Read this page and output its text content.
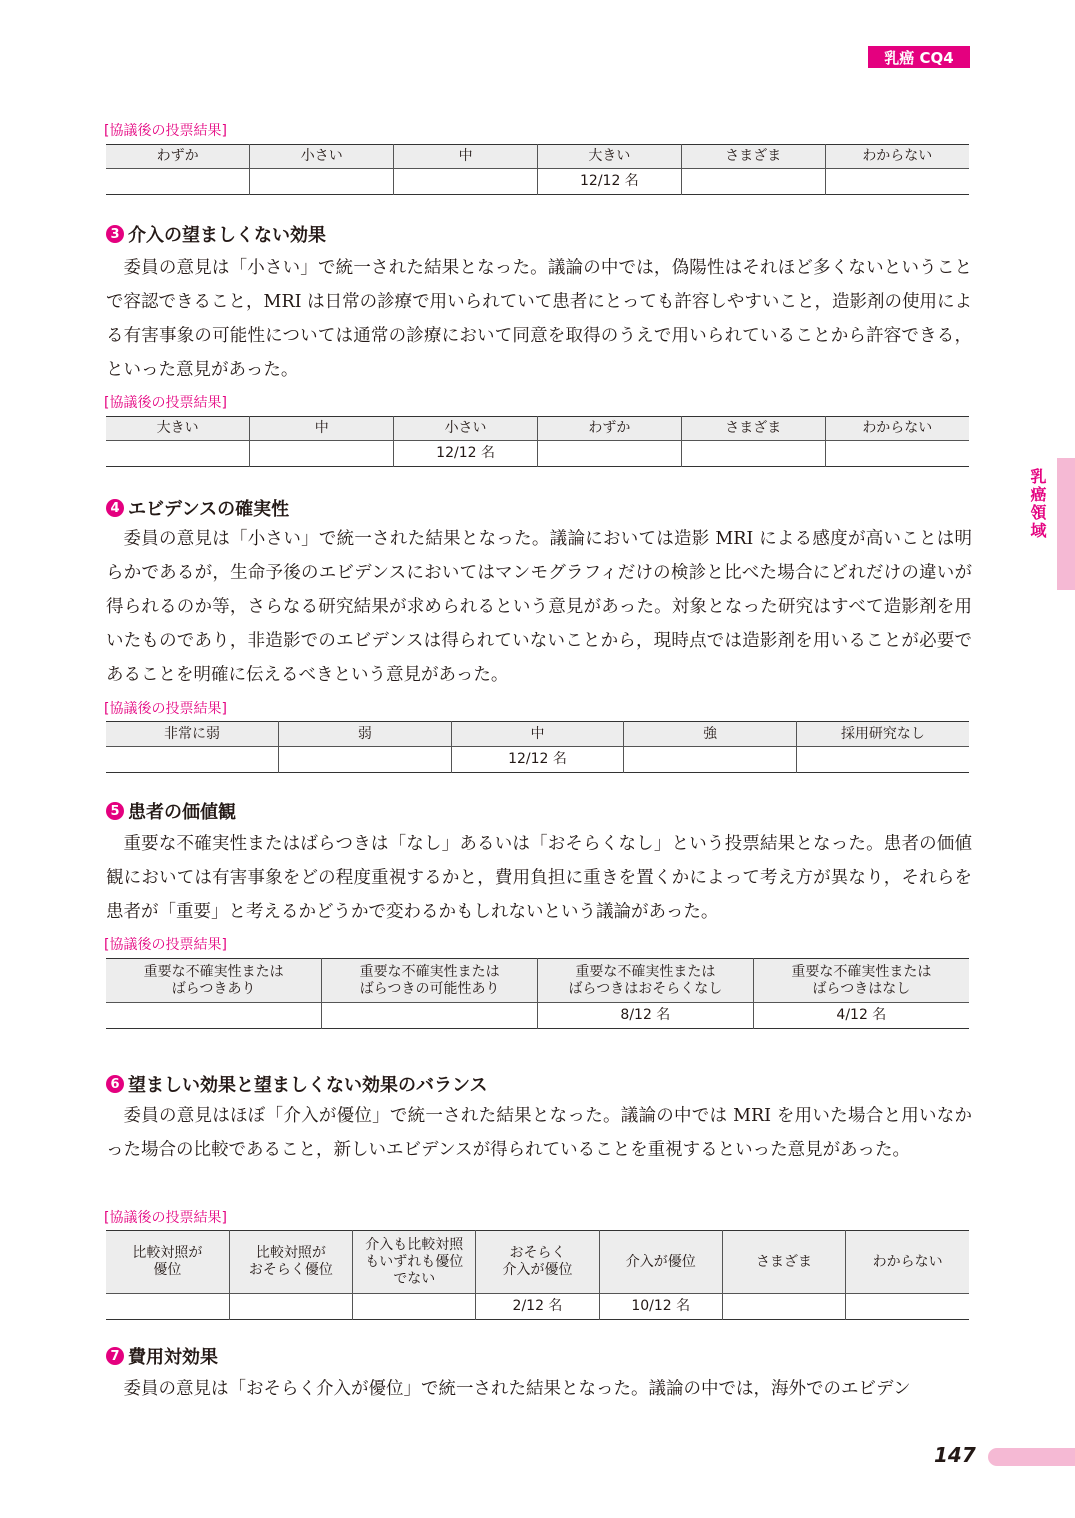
乳癌 CQ4
乳癌領域
[協議後の投票結果]
わずか	小さい	中	大きい	さまざま	わからない
			12/12 名		
3 介入の望ましくない効果

委員の意見は「小さい」で統一された結果となった。議論の中では，偽陽性はそれほど多くないということで容認できること，MRI は日常の診療で用いられていて患者にとっても許容しやすいこと，造影剤の使用による有害事象の可能性については通常の診療において同意を取得のうえで用いられていることから許容できる，といった意見があった。

[協議後の投票結果]
大きい	中	小さい	わずか	さまざま	わからない
		12/12 名			
4 エビデンスの確実性

委員の意見は「小さい」で統一された結果となった。議論においては造影 MRI による感度が高いことは明らかであるが，生命予後のエビデンスにおいてはマンモグラフィだけの検診と比べた場合にどれだけの違いが得られるのか等，さらなる研究結果が求められるという意見があった。対象となった研究はすべて造影剤を用いたものであり，非造影でのエビデンスは得られていないことから，現時点では造影剤を用いることが必要であることを明確に伝えるべきという意見があった。

[協議後の投票結果]
非常に弱	弱	中	強	採用研究なし
		12/12 名		
5 患者の価値観

重要な不確実性またはばらつきは「なし」あるいは「おそらくなし」という投票結果となった。患者の価値観においては有害事象をどの程度重視するかと，費用負担に重きを置くかによって考え方が異なり，それらを患者が「重要」と考えるかどうかで変わるかもしれないという議論があった。

[協議後の投票結果]
重要な不確実性または
ばらつきあり	重要な不確実性または
ばらつきの可能性あり	重要な不確実性または
ばらつきはおそらくなし	重要な不確実性または
ばらつきはなし
		8/12 名	4/12 名
6 望ましい効果と望ましくない効果のバランス

委員の意見はほぼ「介入が優位」で統一された結果となった。議論の中では MRI を用いた場合と用いなかった場合の比較であること，新しいエビデンスが得られていることを重視するといった意見があった。

[協議後の投票結果]
比較対照が
優位	比較対照が
おそらく優位	介入も比較対照
もいずれも優位
でない	おそらく
介入が優位	介入が優位	さまざま	わからない
			2/12 名	10/12 名		
7 費用対効果

委員の意見は「おそらく介入が優位」で統一された結果となった。議論の中では，海外でのエビデン

147
